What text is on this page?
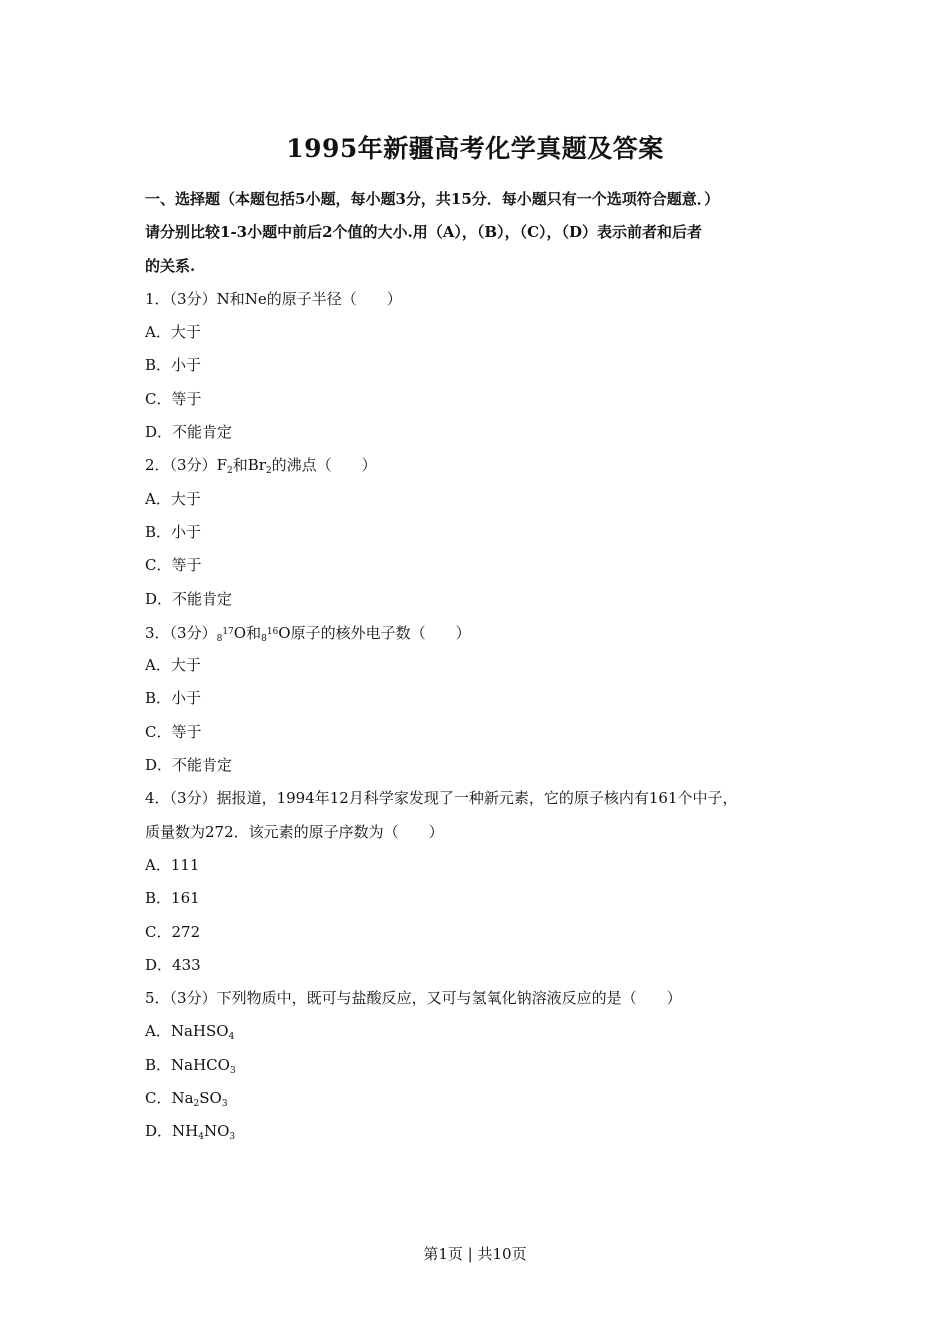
1995年新疆高考化学真题及答案
一、选择题（本题包括5小题，每小题3分，共15分．每小题只有一个选项符合题意．）
请分别比较1-3小题中前后2个值的大小.用（A），（B），（C），（D）表示前者和后者
的关系.
1．（3分）N和Ne的原子半径（　　）
A．大于
B．小于
C．等于
D．不能肯定
2．（3分）$F_2$和$Br_2$的沸点（　　）
A．大于
B．小于
C．等于
D．不能肯定
3．（3分）$_8^{17}O$和$_8^{16}$O原子的核外电子数（　　）
A．大于
B．小于
C．等于
D．不能肯定
4．（3分）据报道，1994年12月科学家发现了一种新元素，它的原子核内有161个中子，
质量数为272．该元素的原子序数为（　　）
A．111
B．161
C．272
D．433
5．（3分）下列物质中，既可与盐酸反应，又可与氢氧化钠溶液反应的是（　　）
A．NaHSO$_4$
B．NaHCO$_3$
C．$Na_2SO_3$
D．$NH_4NO_3$
第1页 | 共10页
